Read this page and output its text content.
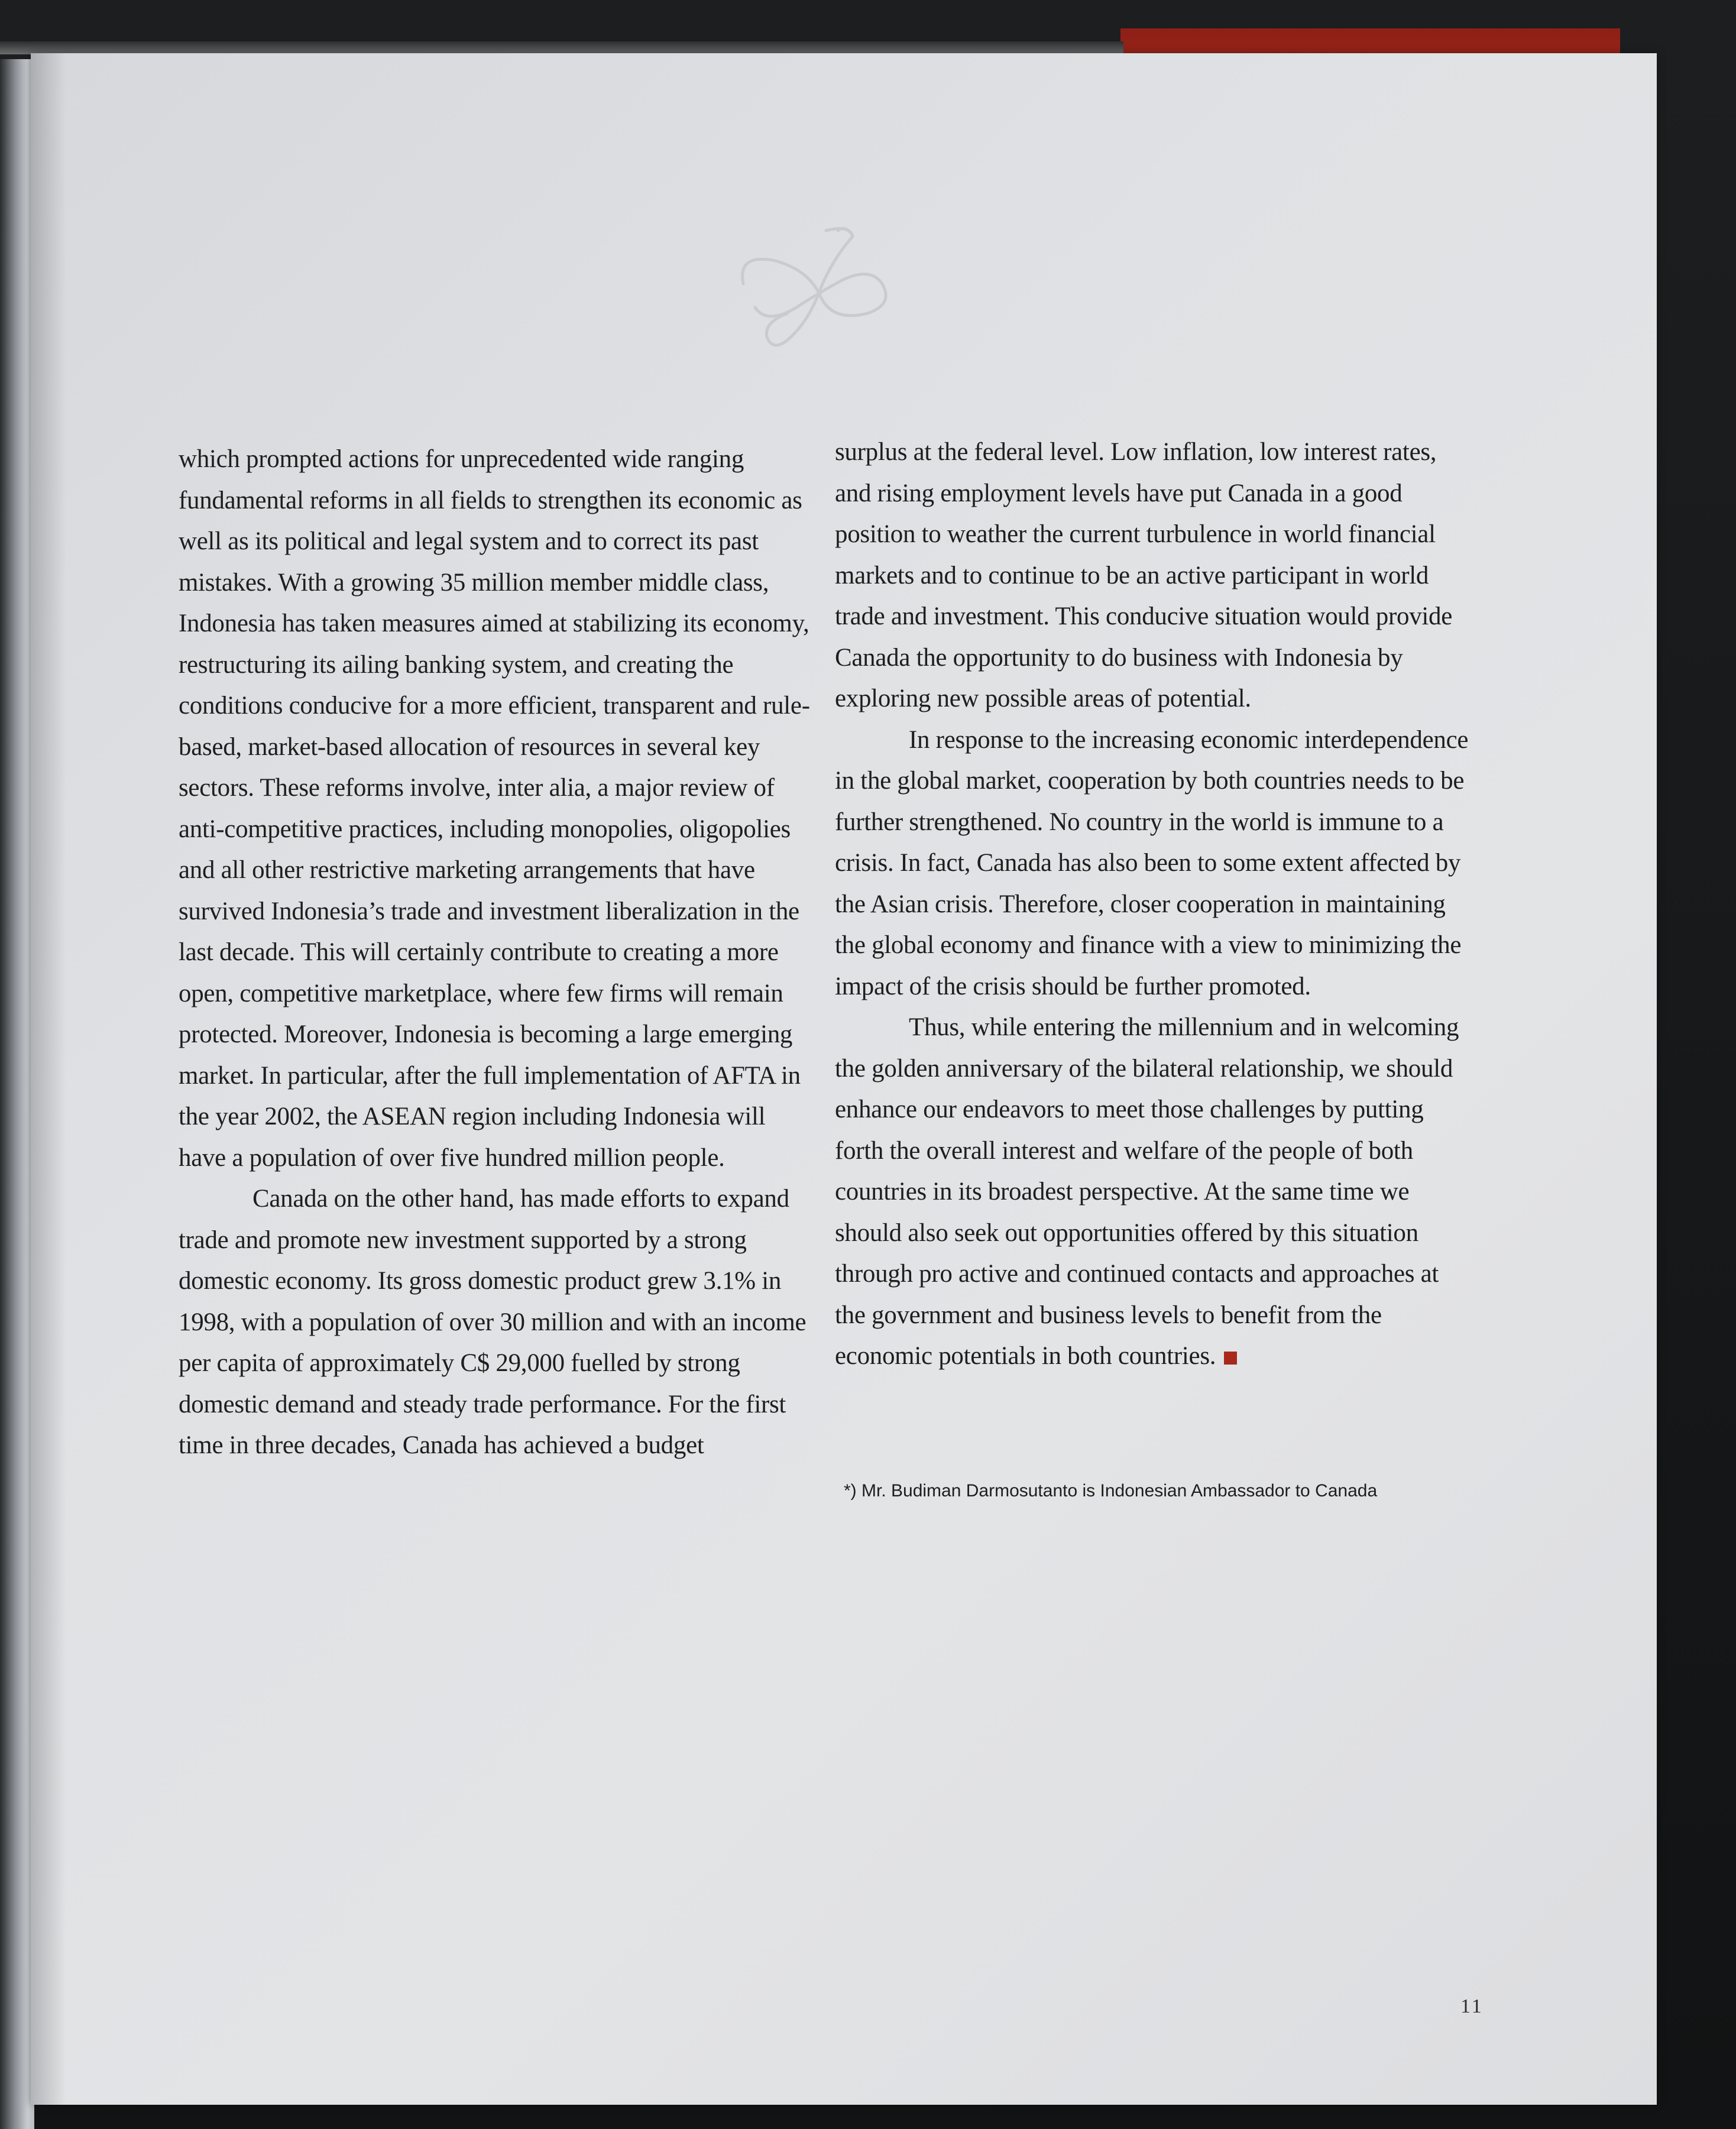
which prompted actions for unprecedented wide ranging fundamental reforms in all fields to strengthen its economic as well as its political and legal system and to correct its past mistakes. With a growing 35 million member middle class, Indonesia has taken measures aimed at stabilizing its economy, restructuring its ailing banking system, and creating the conditions conducive for a more efficient, transparent and rule-based, market-based allocation of resources in several key sectors. These reforms involve, inter alia, a major review of anti-competitive practices, including monopolies, oligopolies and all other restrictive marketing arrangements that have survived Indonesia’s trade and investment liberalization in the last decade. This will certainly contribute to creating a more open, competitive marketplace, where few firms will remain protected. Moreover, Indonesia is becoming a large emerging market. In particular, after the full implementation of AFTA in the year 2002, the ASEAN region including Indonesia will have a population of over five hundred million people.

Canada on the other hand, has made efforts to expand trade and promote new investment supported by a strong domestic economy. Its gross domestic product grew 3.1% in 1998, with a population of over 30 million and with an income per capita of approximately C$ 29,000 fuelled by strong domestic demand and steady trade performance. For the first time in three decades, Canada has achieved a budget

surplus at the federal level. Low inflation, low interest rates, and rising employment levels have put Canada in a good position to weather the current turbulence in world financial markets and to continue to be an active participant in world trade and investment. This conducive situation would provide Canada the opportunity to do business with Indonesia by exploring new possible areas of potential.

In response to the increasing economic interdependence in the global market, cooperation by both countries needs to be further strengthened. No country in the world is immune to a crisis. In fact, Canada has also been to some extent affected by the Asian crisis. Therefore, closer cooperation in maintaining the global economy and finance with a view to minimizing the impact of the crisis should be further promoted.

Thus, while entering the millennium and in welcoming the golden anniversary of the bilateral relationship, we should enhance our endeavors to meet those challenges by putting forth the overall interest and welfare of the people of both countries in its broadest perspective. At the same time we should also seek out opportunities offered by this situation through pro active and continued contacts and approaches at the government and business levels to benefit from the economic potentials in both countries.

*) Mr. Budiman Darmosutanto is Indonesian Ambassador to Canada
11
